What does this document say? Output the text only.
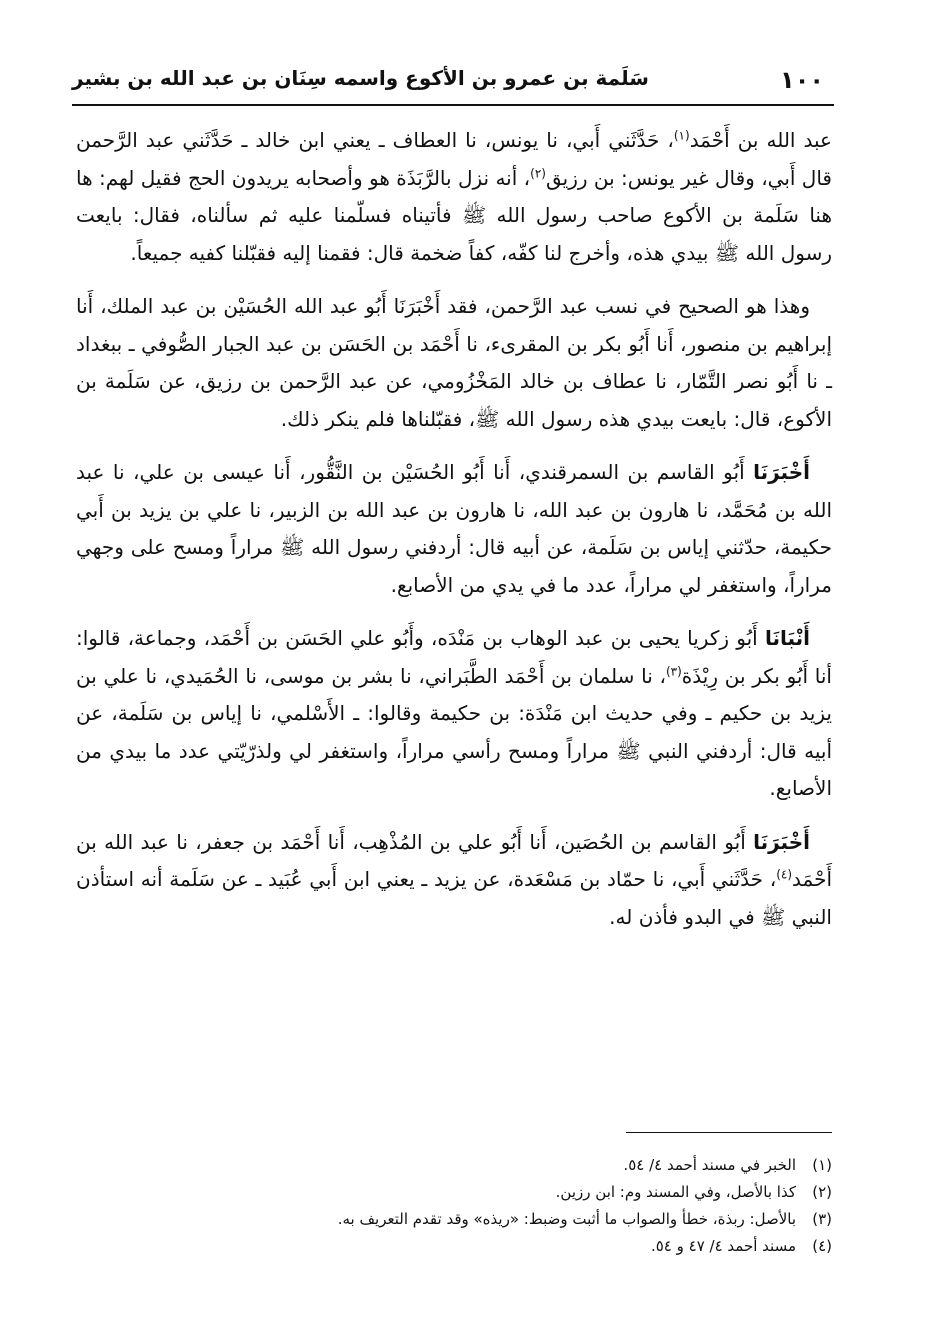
١٠٠
سَلَمة بن عمرو بن الأكوع واسمه سِنَان بن عبد الله بن بشير

عبد الله بن أَحْمَد$^{(١)}$، حَدَّثَني أَبي، نا يونس، نا العطاف ـ يعني ابن خالد ـ حَدَّثَني عبد الرَّحمن قال أَبي، وقال غير يونس: بن رزيق$^{(٢)}$، أنه نزل بالرَّبَذَة هو وأصحابه يريدون الحج فقيل لهم: ها هنا سَلَمة بن الأكوع صاحب رسول الله ﷺ فأتيناه فسلّمنا عليه ثم سألناه، فقال: بايعت رسول الله ﷺ بيدي هذه، وأخرج لنا كفّه، كفاً ضخمة قال: فقمنا إليه فقبّلنا كفيه جميعاً.

وهذا هو الصحيح في نسب عبد الرَّحمن، فقد أَخْبَرَنَا أَبُو عبد الله الحُسَيْن بن عبد الملك، أَنا إبراهيم بن منصور، أَنا أَبُو بكر بن المقرىء، نا أَحْمَد بن الحَسَن بن عبد الجبار الصُّوفي ـ ببغداد ـ نا أَبُو نصر التَّمّار، نا عطاف بن خالد المَخْزُومي، عن عبد الرَّحمن بن رزيق، عن سَلَمة بن الأكوع، قال: بايعت بيدي هذه رسول الله ﷺ، فقبّلناها فلم ينكر ذلك.

أَخْبَرَنَا أَبُو القاسم بن السمرقندي، أَنا أَبُو الحُسَيْن بن النَّقُّور، أَنا عيسى بن علي، نا عبد الله بن مُحَمَّد، نا هارون بن عبد الله، نا هارون بن عبد الله بن الزبير، نا علي بن يزيد بن أَبي حكيمة، حدّثني إياس بن سَلَمة، عن أبيه قال: أردفني رسول الله ﷺ مراراً ومسح على وجهي مراراً، واستغفر لي مراراً، عدد ما في يدي من الأصابع.

أَنْبَانَا أَبُو زكريا يحيى بن عبد الوهاب بن مَنْدَه، وأَبُو علي الحَسَن بن أَحْمَد، وجماعة، قالوا: أنا أَبُو بكر بن رِيْذَة$^{(٣)}$، نا سلمان بن أَحْمَد الطَّبَراني، نا بشر بن موسى، نا الحُمَيدي، نا علي بن يزيد بن حكيم ـ وفي حديث ابن مَنْدَة: بن حكيمة وقالوا: ـ الأَسْلمي، نا إياس بن سَلَمة، عن أبيه قال: أردفني النبي ﷺ مراراً ومسح رأسي مراراً، واستغفر لي ولذرّيّتي عدد ما بيدي من الأصابع.

أَخْبَرَنَا أَبُو القاسم بن الحُصَين، أَنا أَبُو علي بن المُذْهِب، أَنا أَحْمَد بن جعفر، نا عبد الله بن أَحْمَد$^{(٤)}$، حَدَّثَني أَبي، نا حمّاد بن مَسْعَدة، عن يزيد ـ يعني ابن أَبي عُبَيد ـ عن سَلَمة أنه استأذن النبي ﷺ في البدو فأذن له.

(١)الخبر في مسند أحمد ٤/ ٥٤.
(٢)كذا بالأصل، وفي المسند وم: ابن رزين.
(٣)بالأصل: ربذة، خطأ والصواب ما أثبت وضبط: «ريذه» وقد تقدم التعريف به.
(٤)مسند أحمد ٤/ ٤٧ و ٥٤.
